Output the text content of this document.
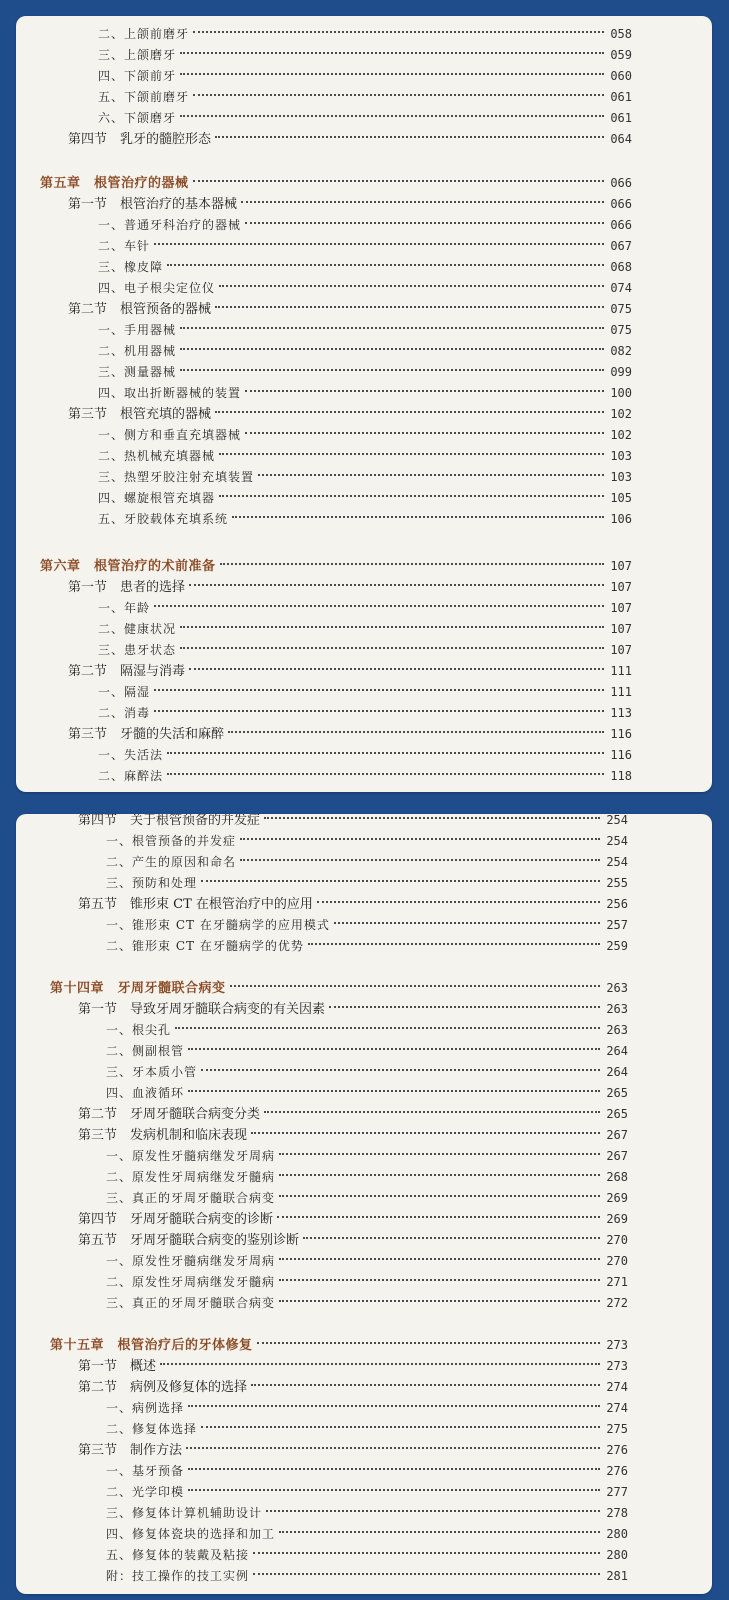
二、上颌前磨牙	058
三、上颌磨牙	059
四、下颌前牙	060
五、下颌前磨牙	061
六、下颌磨牙	061
第四节　乳牙的髓腔形态	064
第五章　根管治疗的器械	066
第一节　根管治疗的基本器械	066
一、普通牙科治疗的器械	066
二、车针	067
三、橡皮障	068
四、电子根尖定位仪	074
第二节　根管预备的器械	075
一、手用器械	075
二、机用器械	082
三、测量器械	099
四、取出折断器械的装置	100
第三节　根管充填的器械	102
一、侧方和垂直充填器械	102
二、热机械充填器械	103
三、热塑牙胶注射充填装置	103
四、螺旋根管充填器	105
五、牙胶载体充填系统	106
第六章　根管治疗的术前准备	107
第一节　患者的选择	107
一、年龄	107
二、健康状况	107
三、患牙状态	107
第二节　隔湿与消毒	111
一、隔湿	111
二、消毒	113
第三节　牙髓的失活和麻醉	116
一、失活法	116
二、麻醉法	118
第四节　关于根管预备的并发症	254
一、根管预备的并发症	254
二、产生的原因和命名	254
三、预防和处理	255
第五节　锥形束 CT 在根管治疗中的应用	256
一、锥形束 CT 在牙髓病学的应用模式	257
二、锥形束 CT 在牙髓病学的优势	259
第十四章　牙周牙髓联合病变	263
第一节　导致牙周牙髓联合病变的有关因素	263
一、根尖孔	263
二、侧副根管	264
三、牙本质小管	264
四、血液循环	265
第二节　牙周牙髓联合病变分类	265
第三节　发病机制和临床表现	267
一、原发性牙髓病继发牙周病	267
二、原发性牙周病继发牙髓病	268
三、真正的牙周牙髓联合病变	269
第四节　牙周牙髓联合病变的诊断	269
第五节　牙周牙髓联合病变的鉴别诊断	270
一、原发性牙髓病继发牙周病	270
二、原发性牙周病继发牙髓病	271
三、真正的牙周牙髓联合病变	272
第十五章　根管治疗后的牙体修复	273
第一节　概述	273
第二节　病例及修复体的选择	274
一、病例选择	274
二、修复体选择	275
第三节　制作方法	276
一、基牙预备	276
二、光学印模	277
三、修复体计算机辅助设计	278
四、修复体瓷块的选择和加工	280
五、修复体的装戴及粘接	280
附：技工操作的技工实例	281
